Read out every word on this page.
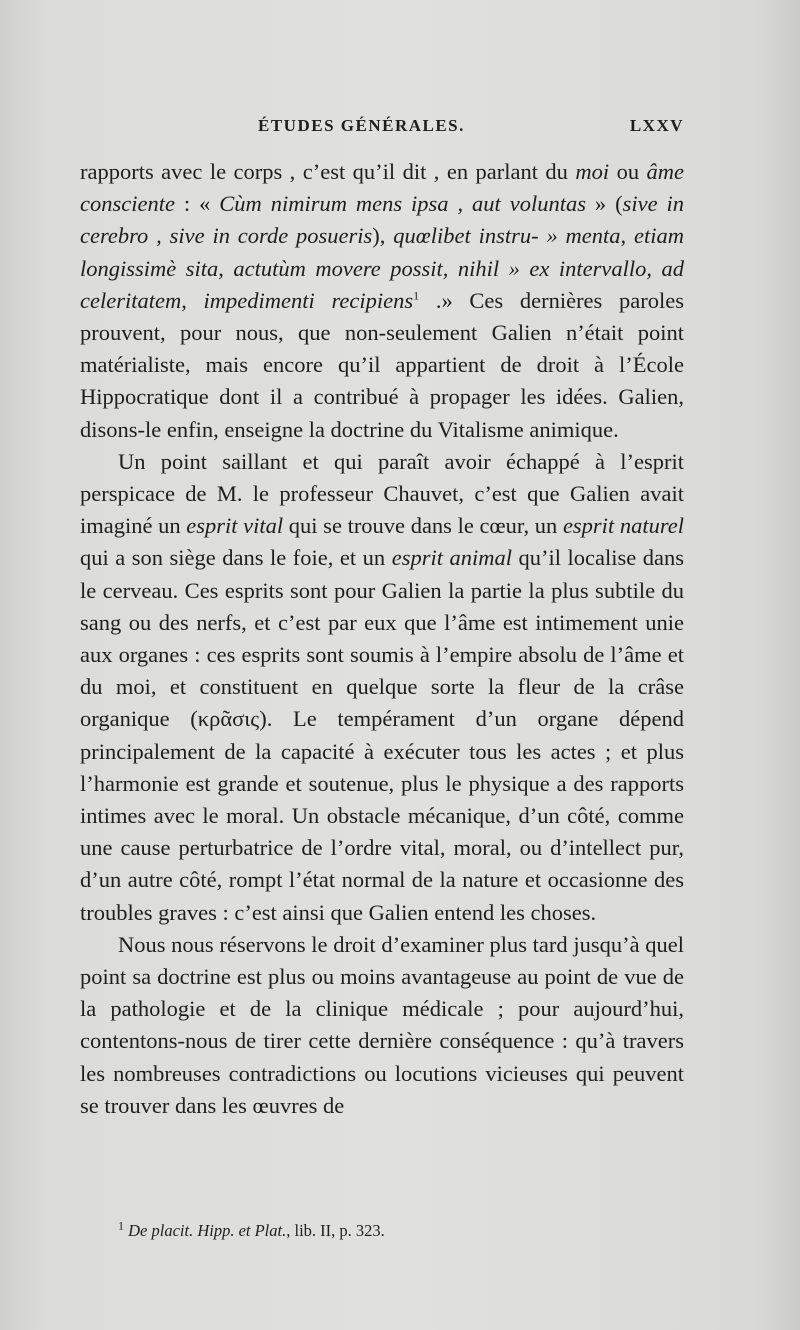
ÉTUDES GÉNÉRALES.	LXXV

rapports avec le corps , c’est qu’il dit , en parlant du moi ou âme consciente : « Cùm nimirum mens ipsa , aut voluntas » (sive in cerebro , sive in corde posueris), quœlibet instru- » menta, etiam longissimè sita, actutùm movere possit, nihil » ex intervallo, ad celeritatem, impedimenti recipiens$^1$ .» Ces dernières paroles prouvent, pour nous, que non-seulement Galien n’était point matérialiste, mais encore qu’il appartient de droit à l’École Hippocratique dont il a contribué à propager les idées. Galien, disons-le enfin, enseigne la doctrine du Vitalisme animique.

Un point saillant et qui paraît avoir échappé à l’esprit perspicace de M. le professeur Chauvet, c’est que Galien avait imaginé un esprit vital qui se trouve dans le cœur, un esprit naturel qui a son siège dans le foie, et un esprit animal qu’il localise dans le cerveau. Ces esprits sont pour Galien la partie la plus subtile du sang ou des nerfs, et c’est par eux que l’âme est intimement unie aux organes : ces esprits sont soumis à l’empire absolu de l’âme et du moi, et constituent en quelque sorte la fleur de la crâse organique (κρᾶσις). Le tempérament d’un organe dépend principalement de la capacité à exécuter tous les actes ; et plus l’harmonie est grande et soutenue, plus le physique a des rapports intimes avec le moral. Un obstacle mécanique, d’un côté, comme une cause perturbatrice de l’ordre vital, moral, ou d’intellect pur, d’un autre côté, rompt l’état normal de la nature et occasionne des troubles graves : c’est ainsi que Galien entend les choses.

Nous nous réservons le droit d’examiner plus tard jusqu’à quel point sa doctrine est plus ou moins avantageuse au point de vue de la pathologie et de la clinique médicale ; pour aujourd’hui, contentons-nous de tirer cette dernière conséquence : qu’à travers les nombreuses contradictions ou locutions vicieuses qui peuvent se trouver dans les œuvres de

$^1$ De placit. Hipp. et Plat., lib. II, p. 323.
